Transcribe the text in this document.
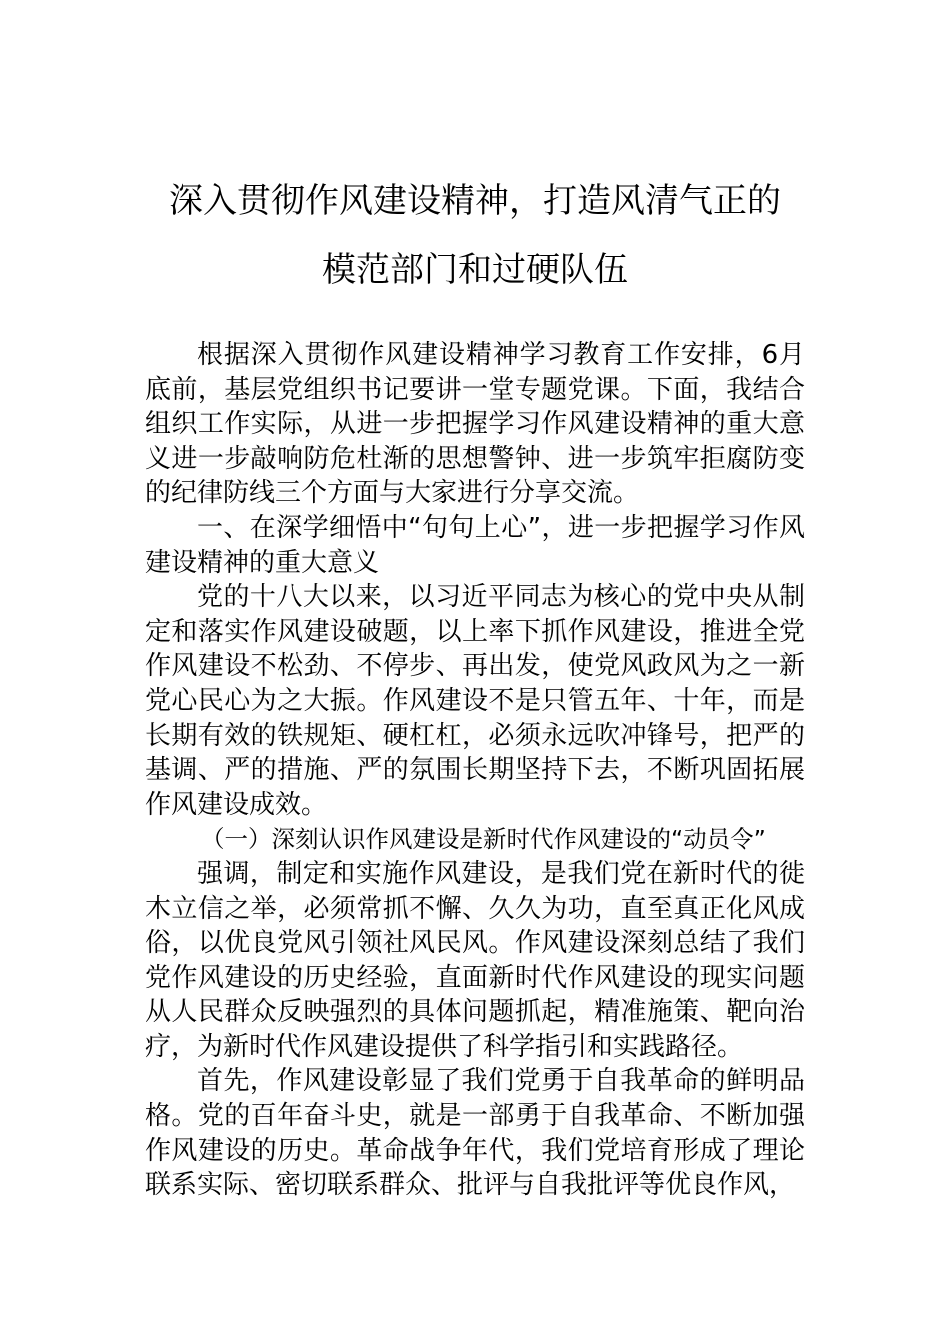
深入贯彻作风建设精神，打造风清气正的
模范部门和过硬队伍

根据深入贯彻作风建设精神学习教育工作安排，6月底前，基层党组织书记要讲一堂专题党课。下面，我结合组织工作实际，从进一步把握学习作风建设精神的重大意义进一步敲响防危杜渐的思想警钟、进一步筑牢拒腐防变的纪律防线三个方面与大家进行分享交流。

一、在深学细悟中“句句上心”，进一步把握学习作风建设精神的重大意义

党的十八大以来，以习近平同志为核心的党中央从制定和落实作风建设破题，以上率下抓作风建设，推进全党作风建设不松劲、不停步、再出发，使党风政风为之一新党心民心为之大振。作风建设不是只管五年、十年，而是长期有效的铁规矩、硬杠杠，必须永远吹冲锋号，把严的基调、严的措施、严的氛围长期坚持下去，不断巩固拓展作风建设成效。

（一）深刻认识作风建设是新时代作风建设的“动员令”

强调，制定和实施作风建设，是我们党在新时代的徙木立信之举，必须常抓不懈、久久为功，直至真正化风成俗，以优良党风引领社风民风。作风建设深刻总结了我们党作风建设的历史经验，直面新时代作风建设的现实问题从人民群众反映强烈的具体问题抓起，精准施策、靶向治疗，为新时代作风建设提供了科学指引和实践路径。

首先，作风建设彰显了我们党勇于自我革命的鲜明品格。党的百年奋斗史，就是一部勇于自我革命、不断加强作风建设的历史。革命战争年代，我们党培育形成了理论联系实际、密切联系群众、批评与自我批评等优良作风，
